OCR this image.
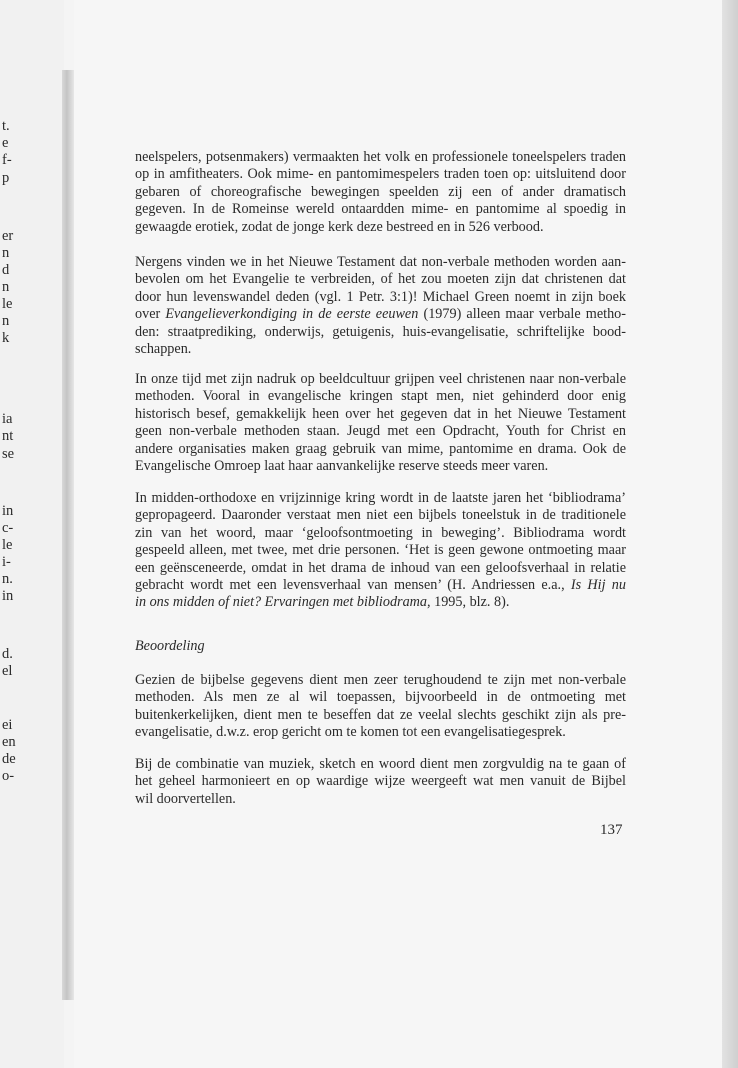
t.
e
f-
p
er
n
d
n
le
n
k
ia
nt
se
in
c-
le
i-
n.
in
d.
el
ei
en
de
o-
neelspelers, potsenmakers) vermaakten het volk en professionele toneelspelers traden
op in amfitheaters. Ook mime- en pantomimespelers traden toen op: uitsluitend door
gebaren of choreografische bewegingen speelden zij een of ander dramatisch
gegeven. In de Romeinse wereld ontaardden mime- en pantomime al spoedig in
gewaagde erotiek, zodat de jonge kerk deze bestreed en in 526 verbood.
Nergens vinden we in het Nieuwe Testament dat non-verbale methoden worden aan-
bevolen om het Evangelie te verbreiden, of het zou moeten zijn dat christenen dat
door hun levenswandel deden (vgl. 1 Petr. 3:1)! Michael Green noemt in zijn boek
over Evangelieverkondiging in de eerste eeuwen (1979) alleen maar verbale metho-
den: straatprediking, onderwijs, getuigenis, huis-evangelisatie, schriftelijke bood-
schappen.
In onze tijd met zijn nadruk op beeldcultuur grijpen veel christenen naar non-verbale
methoden. Vooral in evangelische kringen stapt men, niet gehinderd door enig
historisch besef, gemakkelijk heen over het gegeven dat in het Nieuwe Testament
geen non-verbale methoden staan. Jeugd met een Opdracht, Youth for Christ en
andere organisaties maken graag gebruik van mime, pantomime en drama. Ook de
Evangelische Omroep laat haar aanvankelijke reserve steeds meer varen.
In midden-orthodoxe en vrijzinnige kring wordt in de laatste jaren het ‘bibliodrama’
gepropageerd. Daaronder verstaat men niet een bijbels toneelstuk in de traditionele
zin van het woord, maar ‘geloofsontmoeting in beweging’. Bibliodrama wordt
gespeeld alleen, met twee, met drie personen. ‘Het is geen gewone ontmoeting maar
een geënsceneerde, omdat in het drama de inhoud van een geloofsverhaal in relatie
gebracht wordt met een levensverhaal van mensen’ (H. Andriessen e.a., Is Hij nu
in ons midden of niet? Ervaringen met bibliodrama, 1995, blz. 8).
Gezien de bijbelse gegevens dient men zeer terughoudend te zijn met non-verbale
methoden. Als men ze al wil toepassen, bijvoorbeeld in de ontmoeting met
buitenkerkelijken, dient men te beseffen dat ze veelal slechts geschikt zijn als pre-
evangelisatie, d.w.z. erop gericht om te komen tot een evangelisatiegesprek.
Bij de combinatie van muziek, sketch en woord dient men zorgvuldig na te gaan of
het geheel harmonieert en op waardige wijze weergeeft wat men vanuit de Bijbel
wil doorvertellen.
Beoordeling
137
